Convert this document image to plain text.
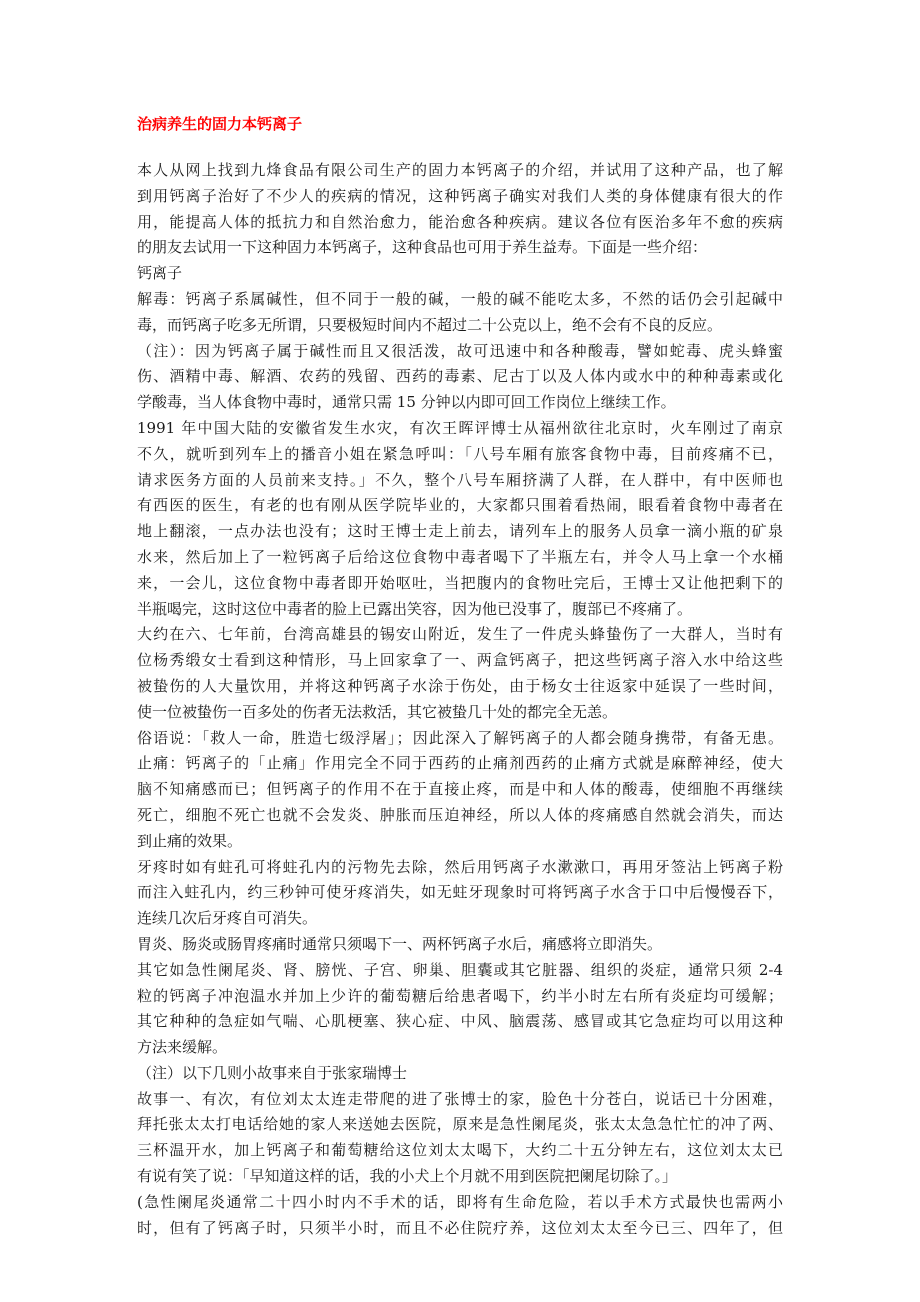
治病养生的固力本钙离子
本人从网上找到九烽食品有限公司生产的固力本钙离子的介绍，并试用了这种产品，也了解
到用钙离子治好了不少人的疾病的情况，这种钙离子确实对我们人类的身体健康有很大的作
用，能提高人体的抵抗力和自然治愈力，能治愈各种疾病。建议各位有医治多年不愈的疾病
的朋友去试用一下这种固力本钙离子，这种食品也可用于养生益寿。下面是一些介绍：
钙离子
解毒：钙离子系属碱性，但不同于一般的碱，一般的碱不能吃太多，不然的话仍会引起碱中
毒，而钙离子吃多无所谓，只要极短时间内不超过二十公克以上，绝不会有不良的反应。
（注）：因为钙离子属于碱性而且又很活泼，故可迅速中和各种酸毒，譬如蛇毒、虎头蜂蜜
伤、酒精中毒、解酒、农药的残留、西药的毒素、尼古丁以及人体内或水中的种种毒素或化
学酸毒，当人体食物中毒时，通常只需 15 分钟以内即可回工作岗位上继续工作。
1991 年中国大陆的安徽省发生水灾，有次王晖评博士从福州欲往北京时，火车刚过了南京
不久，就听到列车上的播音小姐在紧急呼叫：「八号车厢有旅客食物中毒，目前疼痛不已，
请求医务方面的人员前来支持。」不久，整个八号车厢挤满了人群，在人群中，有中医师也
有西医的医生，有老的也有刚从医学院毕业的，大家都只围着看热闹，眼看着食物中毒者在
地上翻滚，一点办法也没有；这时王博士走上前去，请列车上的服务人员拿一滴小瓶的矿泉
水来，然后加上了一粒钙离子后给这位食物中毒者喝下了半瓶左右，并令人马上拿一个水桶
来，一会儿，这位食物中毒者即开始呕吐，当把腹内的食物吐完后，王博士又让他把剩下的
半瓶喝完，这时这位中毒者的脸上已露出笑容，因为他已没事了，腹部已不疼痛了。
大约在六、七年前，台湾高雄县的锡安山附近，发生了一件虎头蜂蛰伤了一大群人，当时有
位杨秀缎女士看到这种情形，马上回家拿了一、两盒钙离子，把这些钙离子溶入水中给这些
被蛰伤的人大量饮用，并将这种钙离子水涂于伤处，由于杨女士往返家中延误了一些时间，
使一位被蛰伤一百多处的伤者无法救活，其它被蛰几十处的都完全无恙。
俗语说：「救人一命，胜造七级浮屠」；因此深入了解钙离子的人都会随身携带，有备无患。
止痛：钙离子的「止痛」作用完全不同于西药的止痛剂西药的止痛方式就是麻醉神经，使大
脑不知痛感而已；但钙离子的作用不在于直接止疼，而是中和人体的酸毒，使细胞不再继续
死亡，细胞不死亡也就不会发炎、肿胀而压迫神经，所以人体的疼痛感自然就会消失，而达
到止痛的效果。
牙疼时如有蛀孔可将蛀孔内的污物先去除，然后用钙离子水漱漱口，再用牙签沾上钙离子粉
而注入蛀孔内，约三秒钟可使牙疼消失，如无蛀牙现象时可将钙离子水含于口中后慢慢吞下，
连续几次后牙疼自可消失。
胃炎、肠炎或肠胃疼痛时通常只须喝下一、两杯钙离子水后，痛感将立即消失。
其它如急性阑尾炎、肾、膀恍、子宫、卵巢、胆囊或其它脏器、组织的炎症，通常只须 2-4
粒的钙离子冲泡温水并加上少许的葡萄糖后给患者喝下，约半小时左右所有炎症均可缓解；
其它种种的急症如气喘、心肌梗塞、狭心症、中风、脑震荡、感冒或其它急症均可以用这种
方法来缓解。
（注）以下几则小故事来自于张家瑞博士
故事一、有次，有位刘太太连走带爬的进了张博士的家，脸色十分苍白，说话已十分困难，
拜托张太太打电话给她的家人来送她去医院，原来是急性阑尾炎，张太太急急忙忙的冲了两、
三杯温开水，加上钙离子和葡萄糖给这位刘太太喝下，大约二十五分钟左右，这位刘太太已
有说有笑了说：「早知道这样的话，我的小犬上个月就不用到医院把阑尾切除了。」
(急性阑尾炎通常二十四小时内不手术的话，即将有生命危险，若以手术方式最快也需两小
时，但有了钙离子时，只须半小时，而且不必住院疗养，这位刘太太至今已三、四年了，但
